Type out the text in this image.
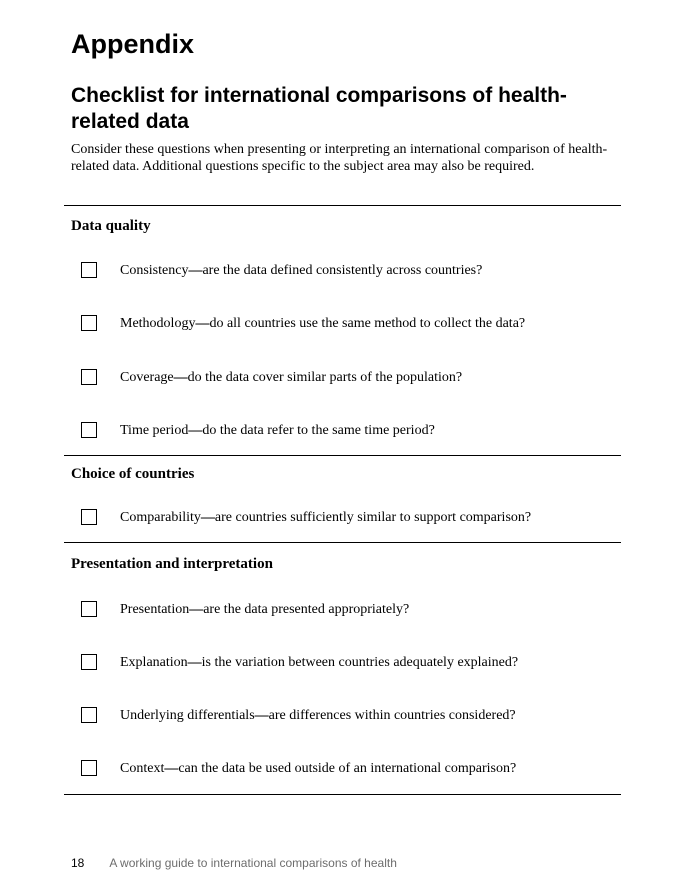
Appendix
Checklist for international comparisons of health-related data

Consider these questions when presenting or interpreting an international comparison of health-related data. Additional questions specific to the subject area may also be required.

Data quality
Consistency—are the data defined consistently across countries?
Methodology—do all countries use the same method to collect the data?
Coverage—do the data cover similar parts of the population?
Time period—do the data refer to the same time period?
Choice of countries
Comparability—are countries sufficiently similar to support comparison?
Presentation and interpretation
Presentation—are the data presented appropriately?
Explanation—is the variation between countries adequately explained?
Underlying differentials—are differences within countries considered?
Context—can the data be used outside of an international comparison?
18 A working guide to international comparisons of health
